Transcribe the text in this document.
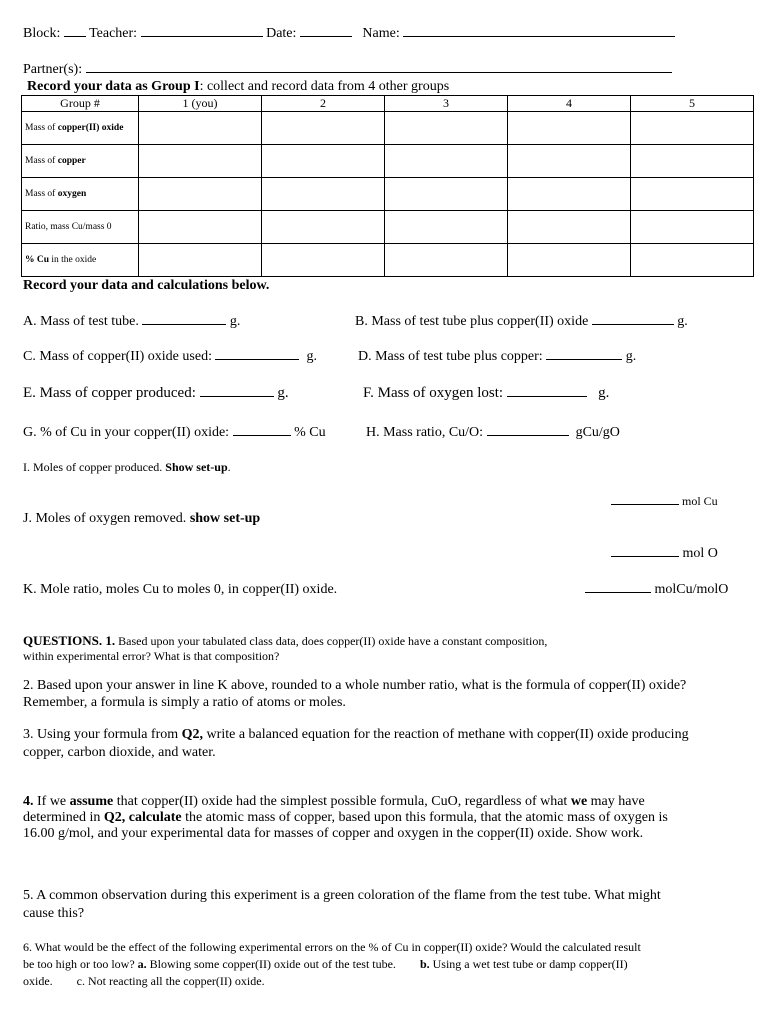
Block: Teacher:	Date:	Name:
Partner(s):
Record your data as Group I: collect and record data from 4 other groups
Group #	1 (you)	2	3	4	5
Mass of copper(II) oxide					
Mass of copper					
Mass of oxygen					
Ratio, mass Cu/mass 0					
% Cu in the oxide					
Record your data and calculations below.
A. Mass of test tube.	g.	B. Mass of test tube plus copper(II) oxide	g.
C. Mass of copper(II) oxide used:	g.	D. Mass of test tube plus copper:	g.
E. Mass of copper produced:	g.	F. Mass of oxygen lost:	g.
G. % of Cu in your copper(II) oxide:	% Cu	H. Mass ratio, Cu/O:	gCu/gO
I. Moles of copper produced. Show set-up.
mol Cu
J. Moles of oxygen removed. show set-up
mol O
K. Mole ratio, moles Cu to moles 0, in copper(II) oxide.	molCu/molO
QUESTIONS. 1. Based upon your tabulated class data, does copper(II) oxide have a constant composition,
within experimental error? What is that composition?
2. Based upon your answer in line K above, rounded to a whole number ratio, what is the formula of copper(II) oxide?
Remember, a formula is simply a ratio of atoms or moles.
3. Using your formula from Q2, write a balanced equation for the reaction of methane with copper(II) oxide producing
copper, carbon dioxide, and water.
4. If we assume that copper(II) oxide had the simplest possible formula, CuO, regardless of what we may have
determined in Q2, calculate the atomic mass of copper, based upon this formula, that the atomic mass of oxygen is
16.00 g/mol, and your experimental data for masses of copper and oxygen in the copper(II) oxide. Show work.
5. A common observation during this experiment is a green coloration of the flame from the test tube. What might
cause this?
6. What would be the effect of the following experimental errors on the % of Cu in copper(II) oxide? Would the calculated result
be too high or too low? a. Blowing some copper(II) oxide out of the test tube. b. Using a wet test tube or damp copper(II)
oxide.        c. Not reacting all the copper(II) oxide.
